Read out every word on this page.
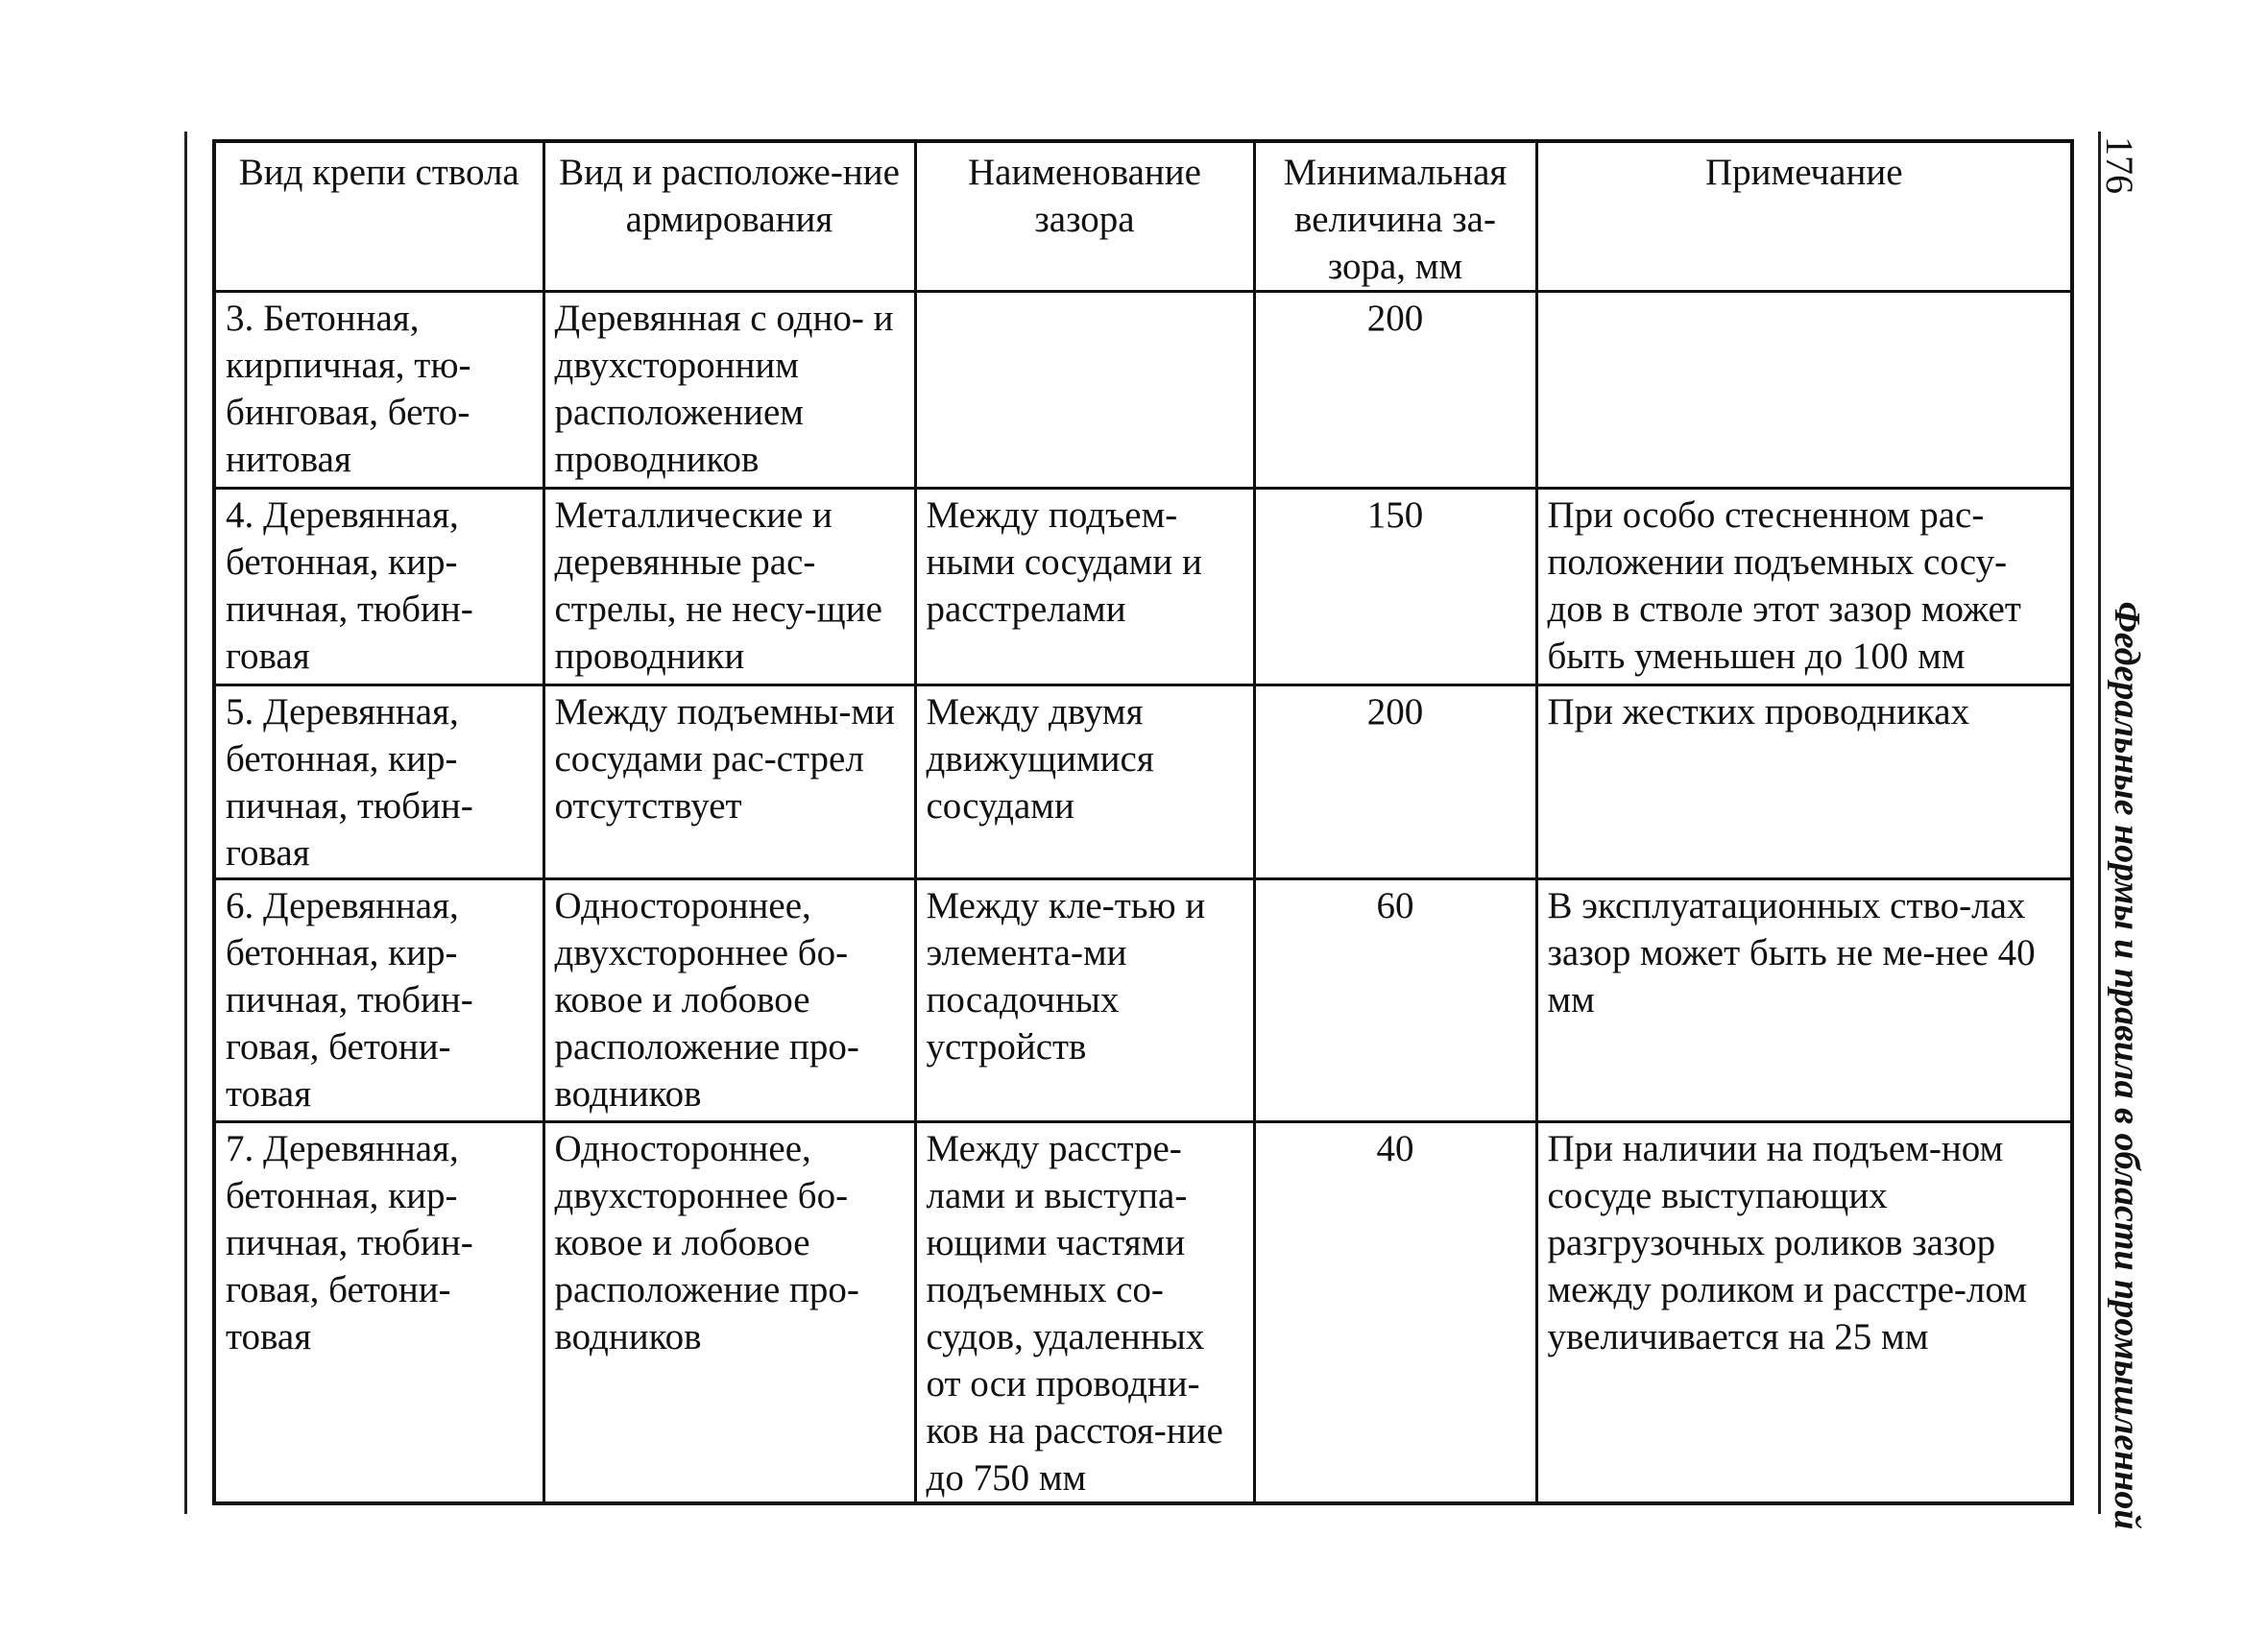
Вид крепи ствола	Вид и расположе-ние армирования	Наименование зазора	Минимальная величина за-зора, мм	Примечание
3. Бетонная, кирпичная, тю-бинговая, бето-нитовая	Деревянная с одно- и двухсторонним расположением проводников		200	
4. Деревянная, бетонная, кир-пичная, тюбин-говая	Металлические и деревянные рас-стрелы, не несу-щие проводники	Между подъем-ными сосудами и расстрелами	150	При особо стесненном рас-положении подъемных сосу-дов в стволе этот зазор может быть уменьшен до 100 мм
5. Деревянная, бетонная, кир-пичная, тюбин-говая	Между подъемны-ми сосудами рас-стрел отсутствует	Между двумя движущимися сосудами	200	При жестких проводниках
6. Деревянная, бетонная, кир-пичная, тюбин-говая, бетони-товая	Одностороннее, двухстороннее бо-ковое и лобовое расположение про-водников	Между кле-тью и элемента-ми посадочных устройств	60	В эксплуатационных ство-лах зазор может быть не ме-нее 40 мм
7. Деревянная, бетонная, кир-пичная, тюбин-говая, бетони-товая	Одностороннее, двухстороннее бо-ковое и лобовое расположение про-водников	Между расстре-лами и выступа-ющими частями подъемных со-судов, удаленных от оси проводни-ков на расстоя-ние до 750 мм	40	При наличии на подъем-ном сосуде выступающих разгрузочных роликов зазор между роликом и расстре-лом увеличивается на 25 мм
176
Федеральные нормы и правила в области промышленной
